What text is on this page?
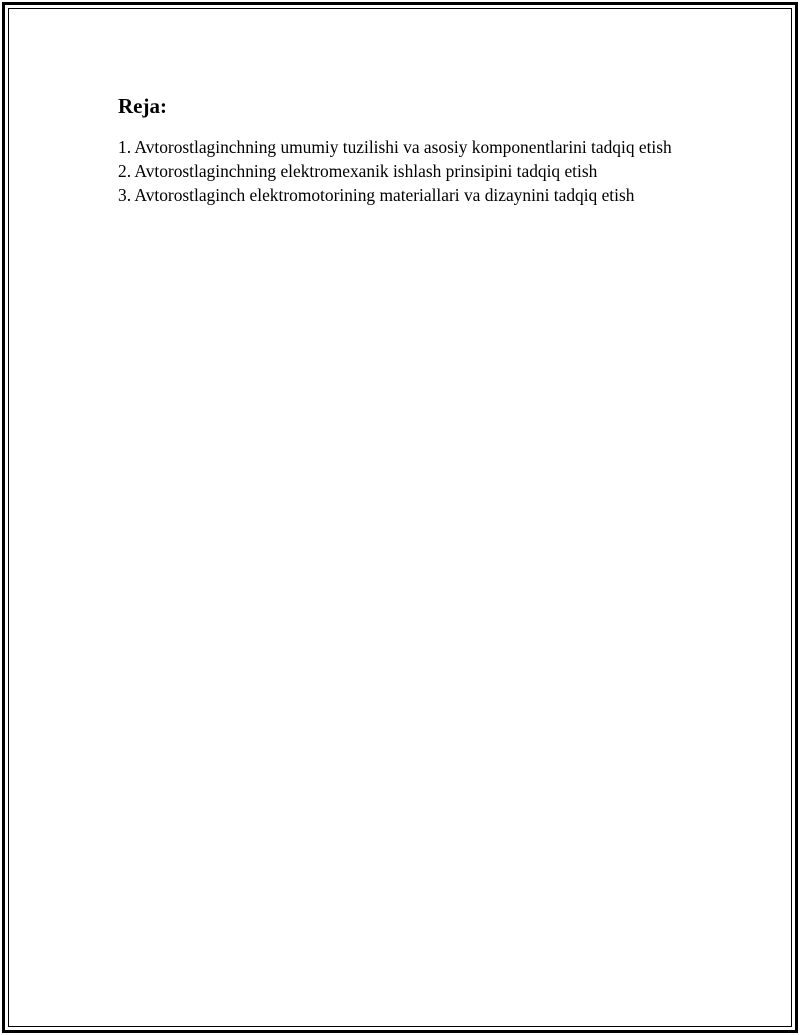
Reja:
1. Avtorostlaginchning umumiy tuzilishi va asosiy komponentlarini tadqiq etish
2. Avtorostlaginchning elektromexanik ishlash prinsipini tadqiq etish
3. Avtorostlaginch elektromotorining materiallari va dizaynini tadqiq etish
